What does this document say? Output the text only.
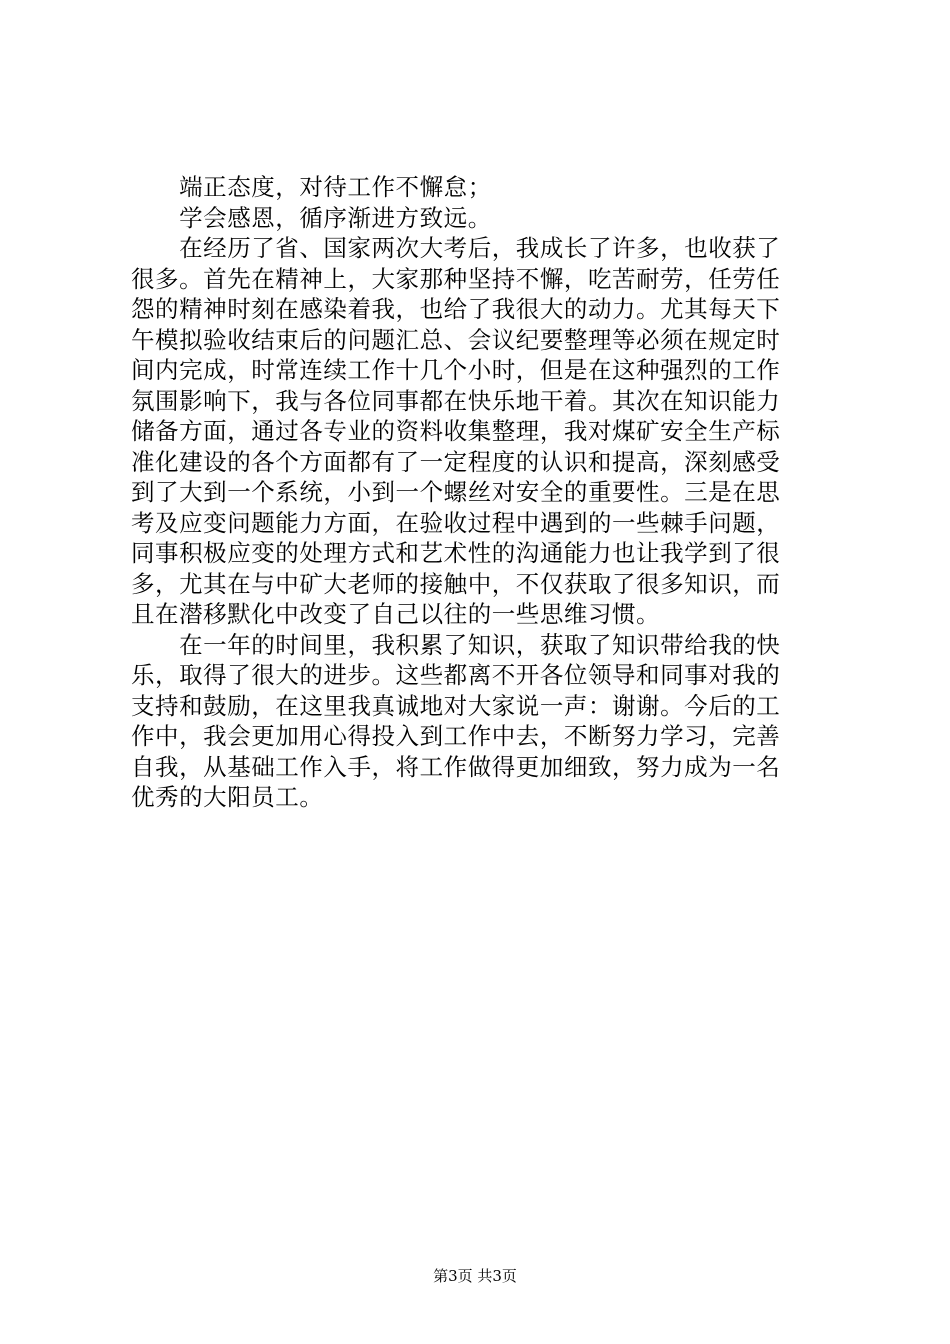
　　端正态度，对待工作不懈怠；
　　学会感恩，循序渐进方致远。
　　在经历了省、国家两次大考后，我成长了许多，也收获了
很多。首先在精神上，大家那种坚持不懈，吃苦耐劳，任劳任
怨的精神时刻在感染着我，也给了我很大的动力。尤其每天下
午模拟验收结束后的问题汇总、会议纪要整理等必须在规定时
间内完成，时常连续工作十几个小时，但是在这种强烈的工作
氛围影响下，我与各位同事都在快乐地干着。其次在知识能力
储备方面，通过各专业的资料收集整理，我对煤矿安全生产标
准化建设的各个方面都有了一定程度的认识和提高，深刻感受
到了大到一个系统，小到一个螺丝对安全的重要性。三是在思
考及应变问题能力方面，在验收过程中遇到的一些棘手问题，
同事积极应变的处理方式和艺术性的沟通能力也让我学到了很
多，尤其在与中矿大老师的接触中，不仅获取了很多知识，而
且在潜移默化中改变了自己以往的一些思维习惯。
　　在一年的时间里，我积累了知识，获取了知识带给我的快
乐，取得了很大的进步。这些都离不开各位领导和同事对我的
支持和鼓励，在这里我真诚地对大家说一声：谢谢。今后的工
作中，我会更加用心得投入到工作中去，不断努力学习，完善
自我，从基础工作入手，将工作做得更加细致，努力成为一名
优秀的大阳员工。
第3页 共3页
